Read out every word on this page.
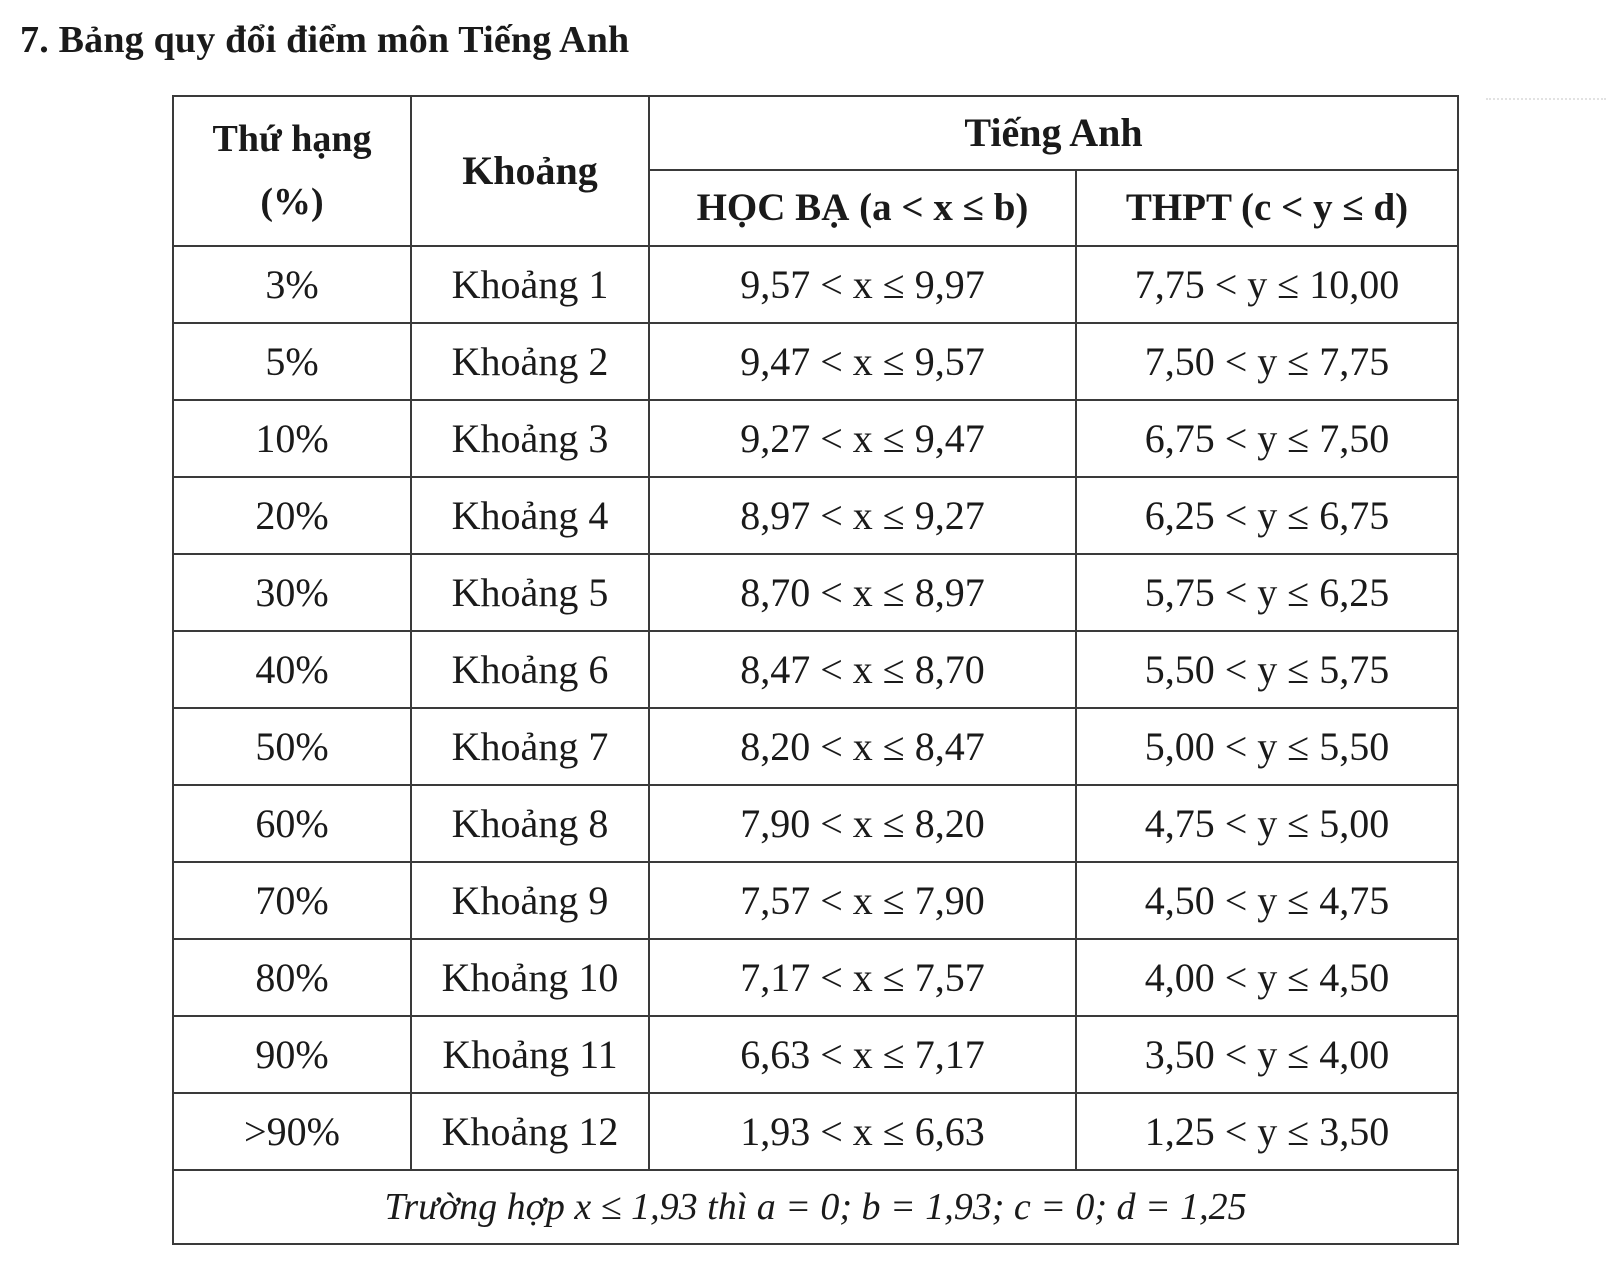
7. Bảng quy đổi điểm môn Tiếng Anh
Thứ hạng
(%)	Khoảng	Tiếng Anh	
		HỌC BẠ (a < x ≤ b)	THPT (c < y ≤ d)
3%	Khoảng 1	9,57 < x ≤ 9,97	7,75 < y ≤ 10,00
5%	Khoảng 2	9,47 < x ≤ 9,57	7,50 < y ≤ 7,75
10%	Khoảng 3	9,27 < x ≤ 9,47	6,75 < y ≤ 7,50
20%	Khoảng 4	8,97 < x ≤ 9,27	6,25 < y ≤ 6,75
30%	Khoảng 5	8,70 < x ≤ 8,97	5,75 < y ≤ 6,25
40%	Khoảng 6	8,47 < x ≤ 8,70	5,50 < y ≤ 5,75
50%	Khoảng 7	8,20 < x ≤ 8,47	5,00 < y ≤ 5,50
60%	Khoảng 8	7,90 < x ≤ 8,20	4,75 < y ≤ 5,00
70%	Khoảng 9	7,57 < x ≤ 7,90	4,50 < y ≤ 4,75
80%	Khoảng 10	7,17 < x ≤ 7,57	4,00 < y ≤ 4,50
90%	Khoảng 11	6,63 < x ≤ 7,17	3,50 < y ≤ 4,00
>90%	Khoảng 12	1,93 < x ≤ 6,63	1,25 < y ≤ 3,50
Trường hợp x ≤ 1,93 thì a = 0; b = 1,93; c = 0; d = 1,25			
